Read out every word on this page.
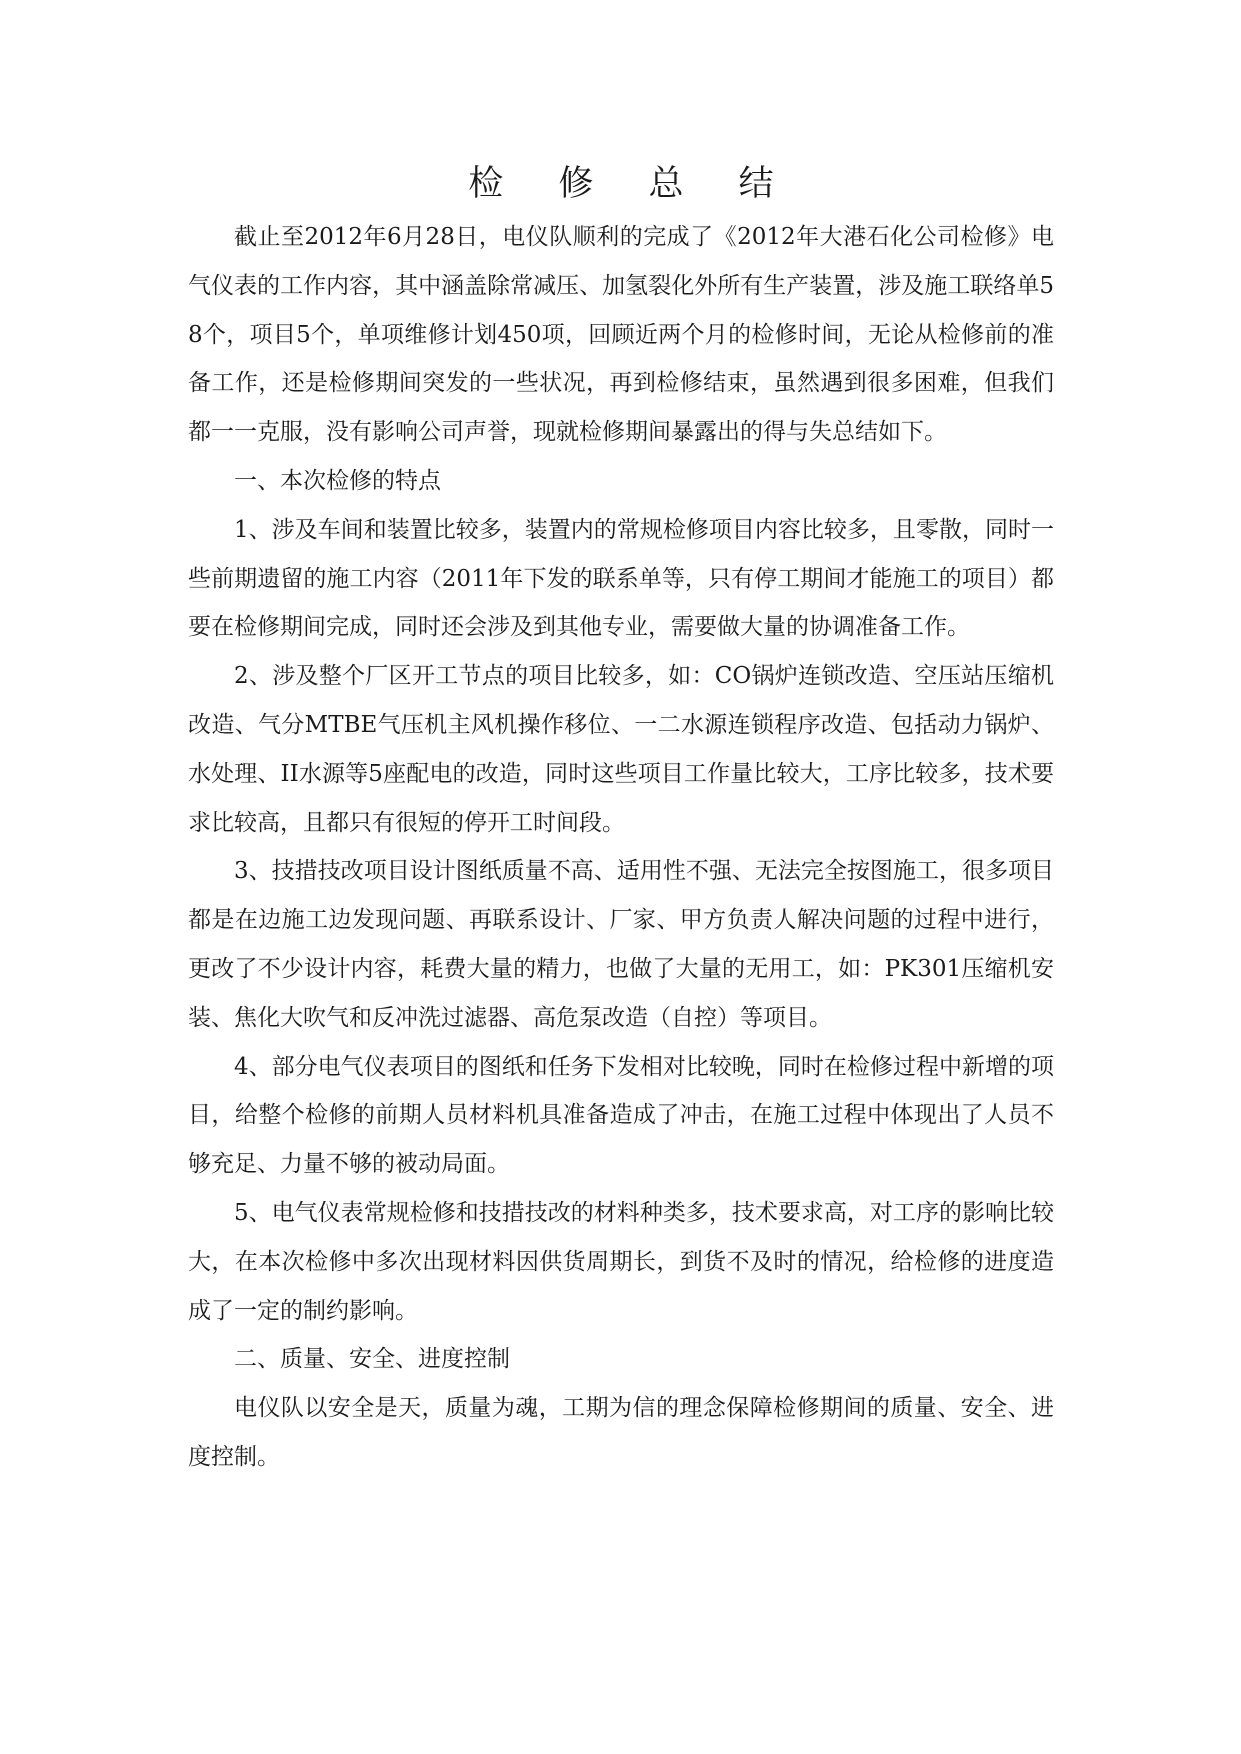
检 修 总 结

截止至2012年6月28日，电仪队顺利的完成了《2012年大港石化公司检修》电气仪表的工作内容，其中涵盖除常减压、加氢裂化外所有生产装置，涉及施工联络单58个，项目5个，单项维修计划450项，回顾近两个月的检修时间，无论从检修前的准备工作，还是检修期间突发的一些状况，再到检修结束，虽然遇到很多困难，但我们都一一克服，没有影响公司声誉，现就检修期间暴露出的得与失总结如下。

一、本次检修的特点

1、涉及车间和装置比较多，装置内的常规检修项目内容比较多，且零散，同时一些前期遗留的施工内容（2011年下发的联系单等，只有停工期间才能施工的项目）都要在检修期间完成，同时还会涉及到其他专业，需要做大量的协调准备工作。

2、涉及整个厂区开工节点的项目比较多，如：CO锅炉连锁改造、空压站压缩机改造、气分MTBE气压机主风机操作移位、一二水源连锁程序改造、包括动力锅炉、水处理、II水源等5座配电的改造，同时这些项目工作量比较大，工序比较多，技术要求比较高，且都只有很短的停开工时间段。

3、技措技改项目设计图纸质量不高、适用性不强、无法完全按图施工，很多项目都是在边施工边发现问题、再联系设计、厂家、甲方负责人解决问题的过程中进行，更改了不少设计内容，耗费大量的精力，也做了大量的无用工，如：PK301压缩机安装、焦化大吹气和反冲洗过滤器、高危泵改造（自控）等项目。

4、部分电气仪表项目的图纸和任务下发相对比较晚，同时在检修过程中新增的项目，给整个检修的前期人员材料机具准备造成了冲击，在施工过程中体现出了人员不够充足、力量不够的被动局面。

5、电气仪表常规检修和技措技改的材料种类多，技术要求高，对工序的影响比较大，在本次检修中多次出现材料因供货周期长，到货不及时的情况，给检修的进度造成了一定的制约影响。

二、质量、安全、进度控制

电仪队以安全是天，质量为魂，工期为信的理念保障检修期间的质量、安全、进度控制。
